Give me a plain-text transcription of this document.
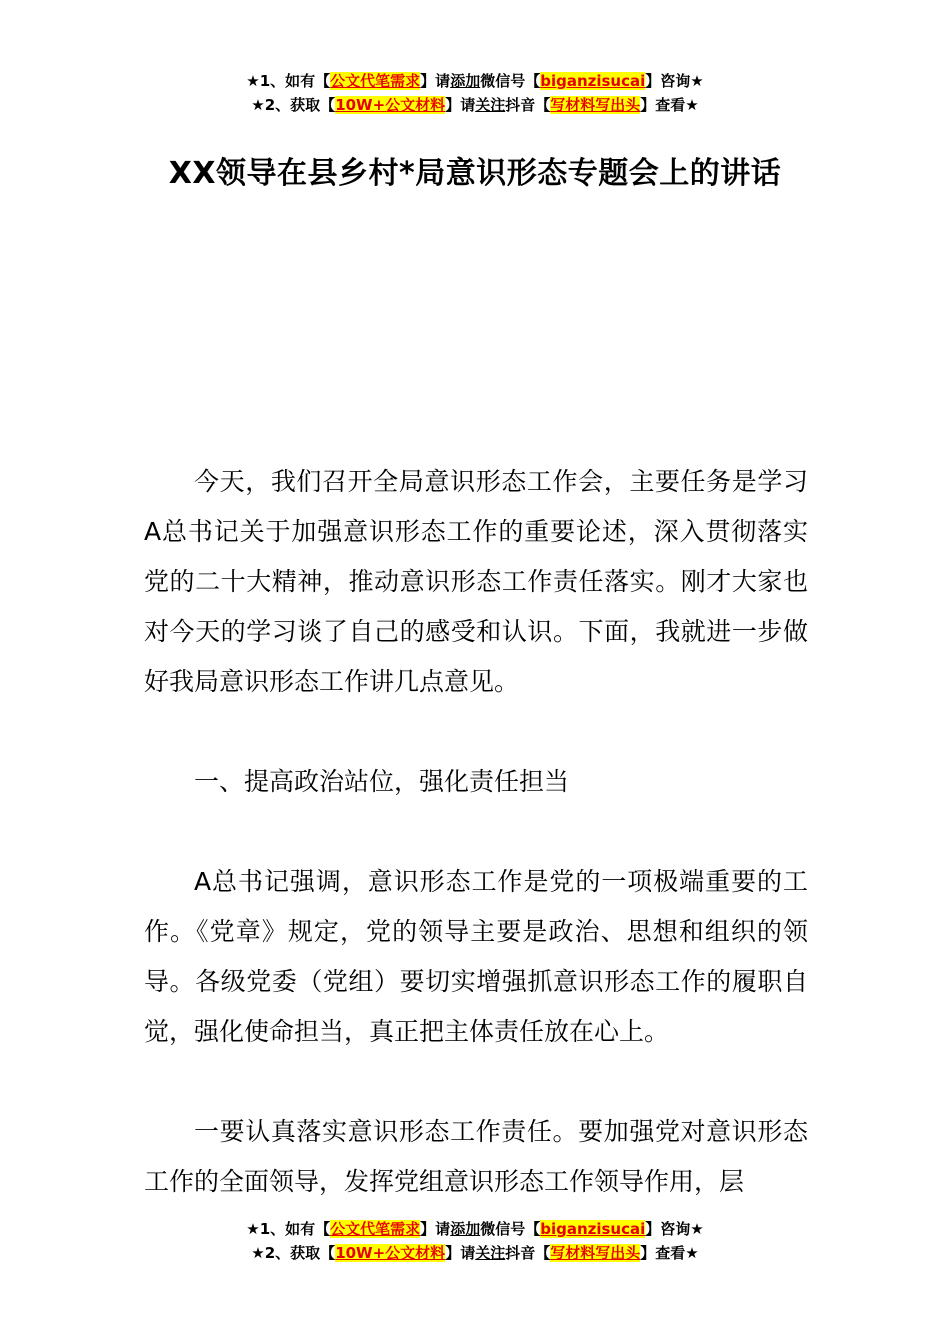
★1、如有【公文代笔需求】请添加微信号【biganzisucai】咨询★
★2、获取【10W+公文材料】请关注抖音【写材料写出头】查看★
XX领导在县乡村*局意识形态专题会上的讲话

今天，我们召开全局意识形态工作会，主要任务是学习A总书记关于加强意识形态工作的重要论述，深入贯彻落实党的二十大精神，推动意识形态工作责任落实。刚才大家也对今天的学习谈了自己的感受和认识。下面，我就进一步做好我局意识形态工作讲几点意见。

一、提高政治站位，强化责任担当

A总书记强调，意识形态工作是党的一项极端重要的工作。《党章》规定，党的领导主要是政治、思想和组织的领导。各级党委（党组）要切实增强抓意识形态工作的履职自觉，强化使命担当，真正把主体责任放在心上。

一要认真落实意识形态工作责任。要加强党对意识形态工作的全面领导，发挥党组意识形态工作领导作用，层

★1、如有【公文代笔需求】请添加微信号【biganzisucai】咨询★
★2、获取【10W+公文材料】请关注抖音【写材料写出头】查看★
